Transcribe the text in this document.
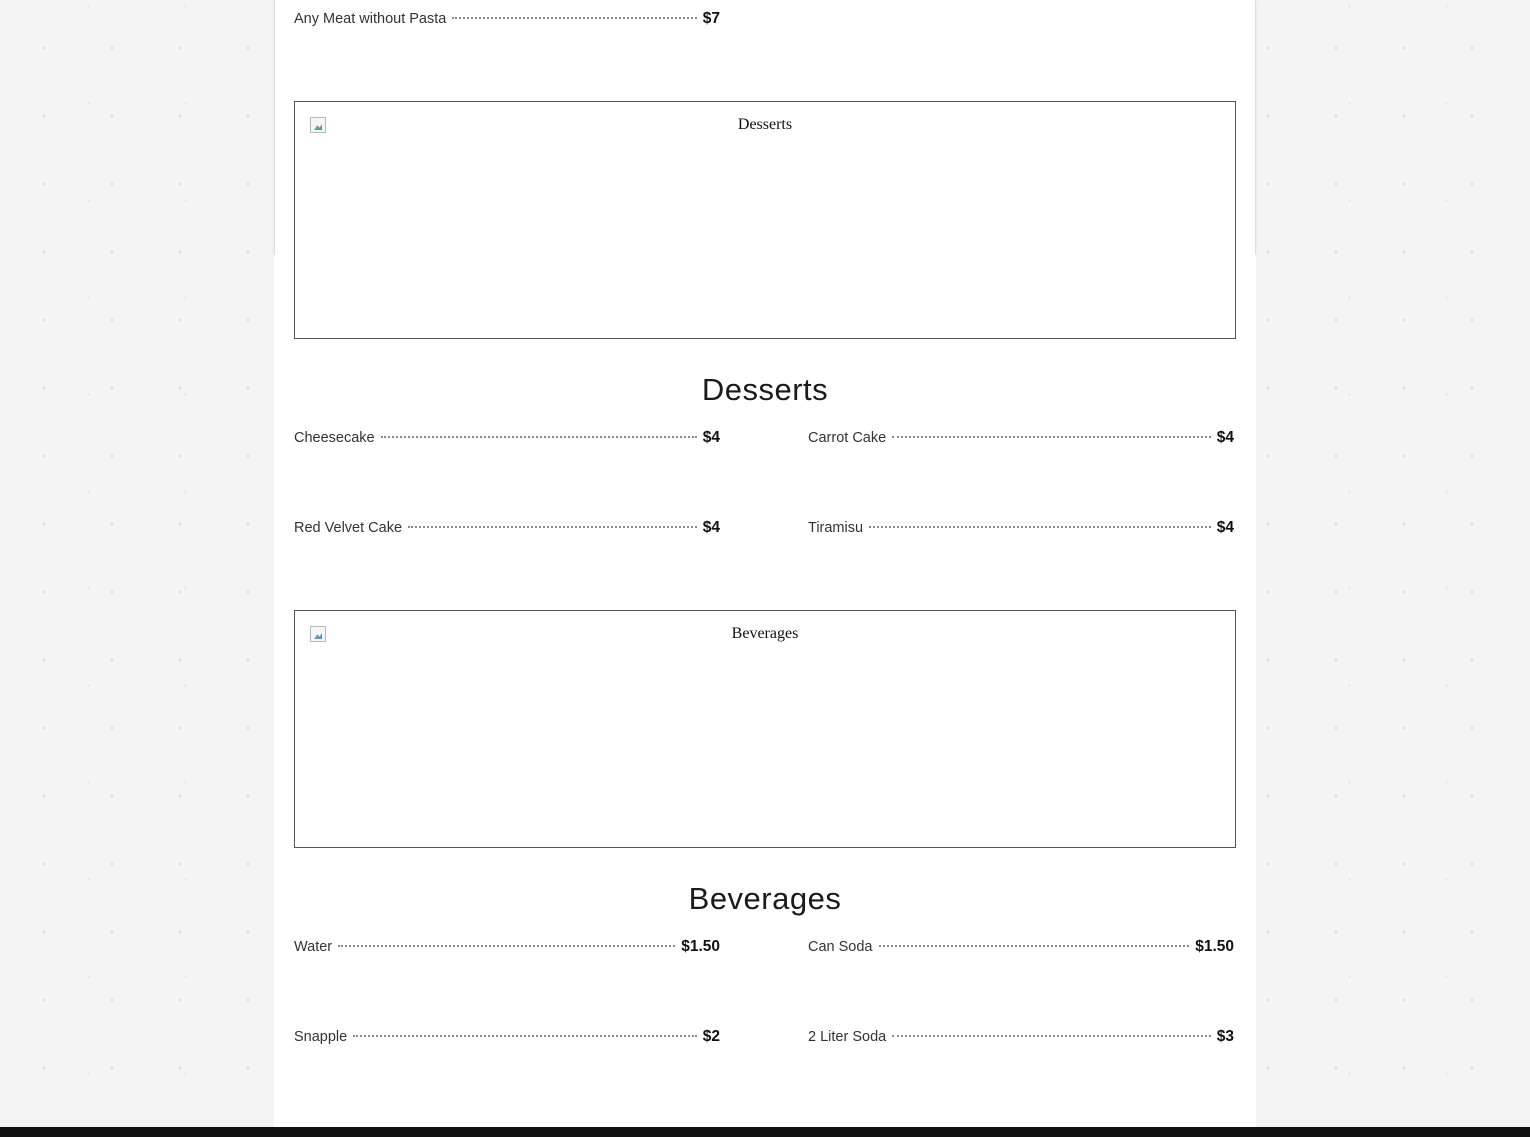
Any Meat without Pasta	$7
Desserts
Desserts
Cheesecake	$4	Carrot Cake	$4
Red Velvet Cake	$4	Tiramisu	$4
Beverages
Beverages
Water	$1.50	Can Soda	$1.50
Snapple	$2	2 Liter Soda	$3
